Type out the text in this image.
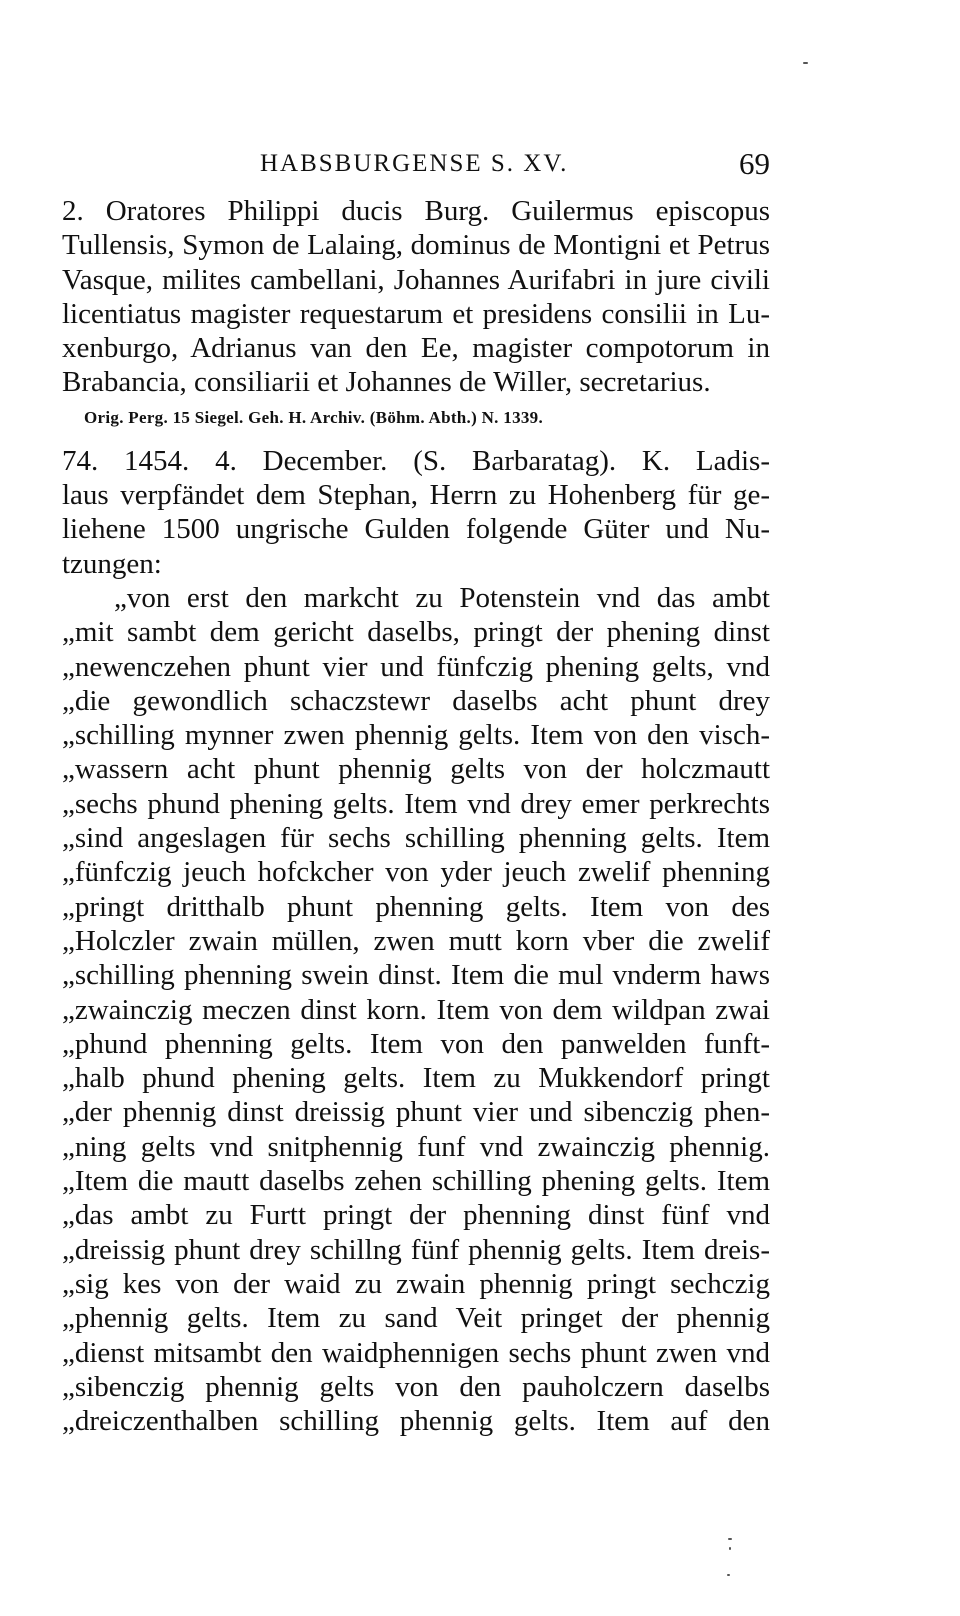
HABSBURGENSE S. XV.	69
2. Oratores Philippi ducis Burg. Guilermus episcopus
Tullensis, Symon de Lalaing, dominus de Montigni et Petrus
Vasque, milites cambellani, Johannes Aurifabri in jure civili
licentiatus magister requestarum et presidens consilii in Lu-
xenburgo, Adrianus van den Ee, magister compotorum in
Brabancia, consiliarii et Johannes de Willer, secretarius.
Orig. Perg. 15 Siegel. Geh. H. Archiv. (Böhm. Abth.) N. 1339.
74. 1454. 4. December. (S. Barbaratag). K. Ladis-
laus verpfändet dem Stephan, Herrn zu Hohenberg für ge-
liehene 1500 ungrische Gulden folgende Güter und Nu-
tzungen:
„von erst den markcht zu Potenstein vnd das ambt
„mit sambt dem gericht daselbs, pringt der phening dinst
„newenczehen phunt vier und fünfczig phening gelts, vnd
„die gewondlich schaczstewr daselbs acht phunt drey
„schilling mynner zwen phennig gelts. Item von den visch-
„wassern acht phunt phennig gelts von der holczmautt
„sechs phund phening gelts. Item vnd drey emer perkrechts
„sind angeslagen für sechs schilling phenning gelts. Item
„fünfczig jeuch hofckcher von yder jeuch zwelif phenning
„pringt dritthalb phunt phenning gelts. Item von des
„Holczler zwain müllen, zwen mutt korn vber die zwelif
„schilling phenning swein dinst. Item die mul vnderm haws
„zwainczig meczen dinst korn. Item von dem wildpan zwai
„phund phenning gelts. Item von den panwelden funft-
„halb phund phening gelts. Item zu Mukkendorf pringt
„der phennig dinst dreissig phunt vier und sibenczig phen-
„ning gelts vnd snitphennig funf vnd zwainczig phennig.
„Item die mautt daselbs zehen schilling phening gelts. Item
„das ambt zu Furtt pringt der phenning dinst fünf vnd
„dreissig phunt drey schillng fünf phennig gelts. Item dreis-
„sig kes von der waid zu zwain phennig pringt sechczig
„phennig gelts. Item zu sand Veit pringet der phennig
„dienst mitsambt den waidphennigen sechs phunt zwen vnd
„sibenczig phennig gelts von den pauholczern daselbs
„dreiczenthalben schilling phennig gelts. Item auf den
